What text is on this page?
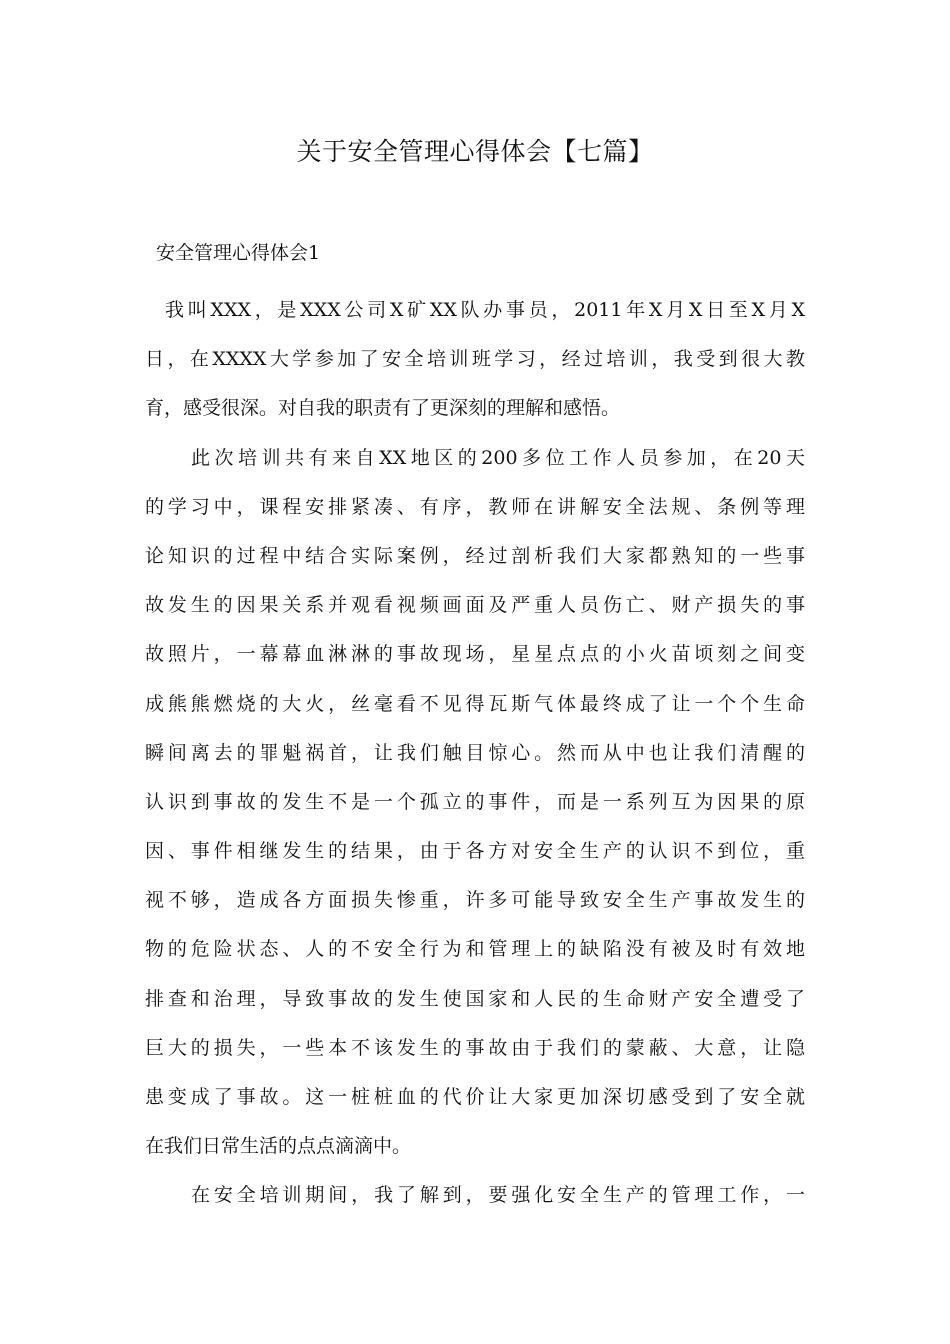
关于安全管理心得体会【七篇】
安全管理心得体会1
我叫XXX，是XXX公司X矿XX队办事员，2011年X月X日至X月X
日，在XXXX大学参加了安全培训班学习，经过培训，我受到很大教
育，感受很深。对自我的职责有了更深刻的理解和感悟。
此次培训共有来自XX地区的200多位工作人员参加，在20天
的学习中，课程安排紧凑、有序，教师在讲解安全法规、条例等理
论知识的过程中结合实际案例，经过剖析我们大家都熟知的一些事
故发生的因果关系并观看视频画面及严重人员伤亡、财产损失的事
故照片，一幕幕血淋淋的事故现场，星星点点的小火苗顷刻之间变
成熊熊燃烧的大火，丝毫看不见得瓦斯气体最终成了让一个个生命
瞬间离去的罪魁祸首，让我们触目惊心。然而从中也让我们清醒的
认识到事故的发生不是一个孤立的事件，而是一系列互为因果的原
因、事件相继发生的结果，由于各方对安全生产的认识不到位，重
视不够，造成各方面损失惨重，许多可能导致安全生产事故发生的
物的危险状态、人的不安全行为和管理上的缺陷没有被及时有效地
排查和治理，导致事故的发生使国家和人民的生命财产安全遭受了
巨大的损失，一些本不该发生的事故由于我们的蒙蔽、大意，让隐
患变成了事故。这一桩桩血的代价让大家更加深切感受到了安全就
在我们日常生活的点点滴滴中。
在安全培训期间，我了解到，要强化安全生产的管理工作，一
